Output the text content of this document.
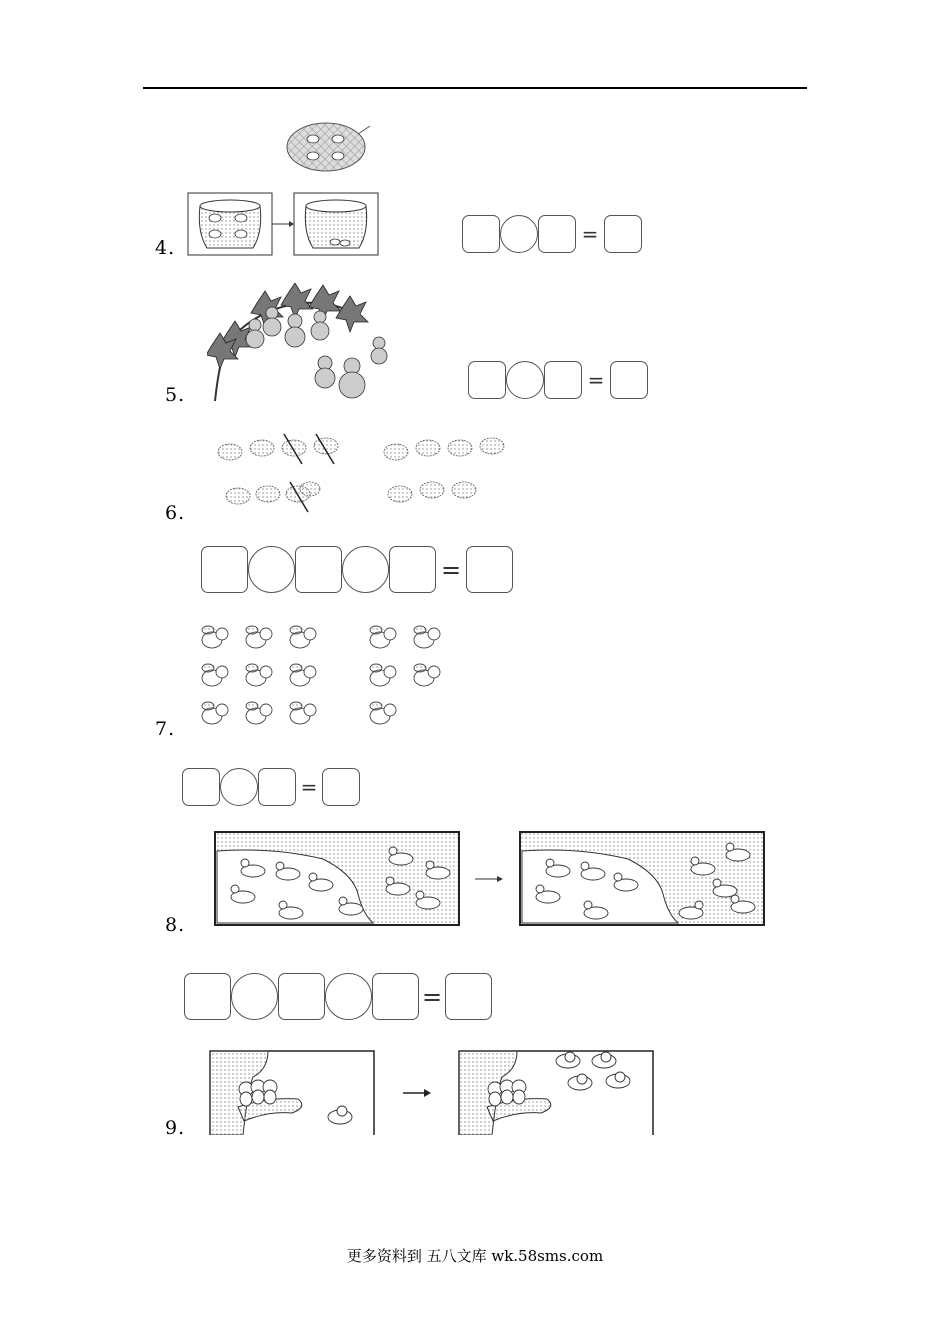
4.
=
5.
=
6.
=
7.
=
8.
=
9.
更多资料到 五八文库 wk.58sms.com
